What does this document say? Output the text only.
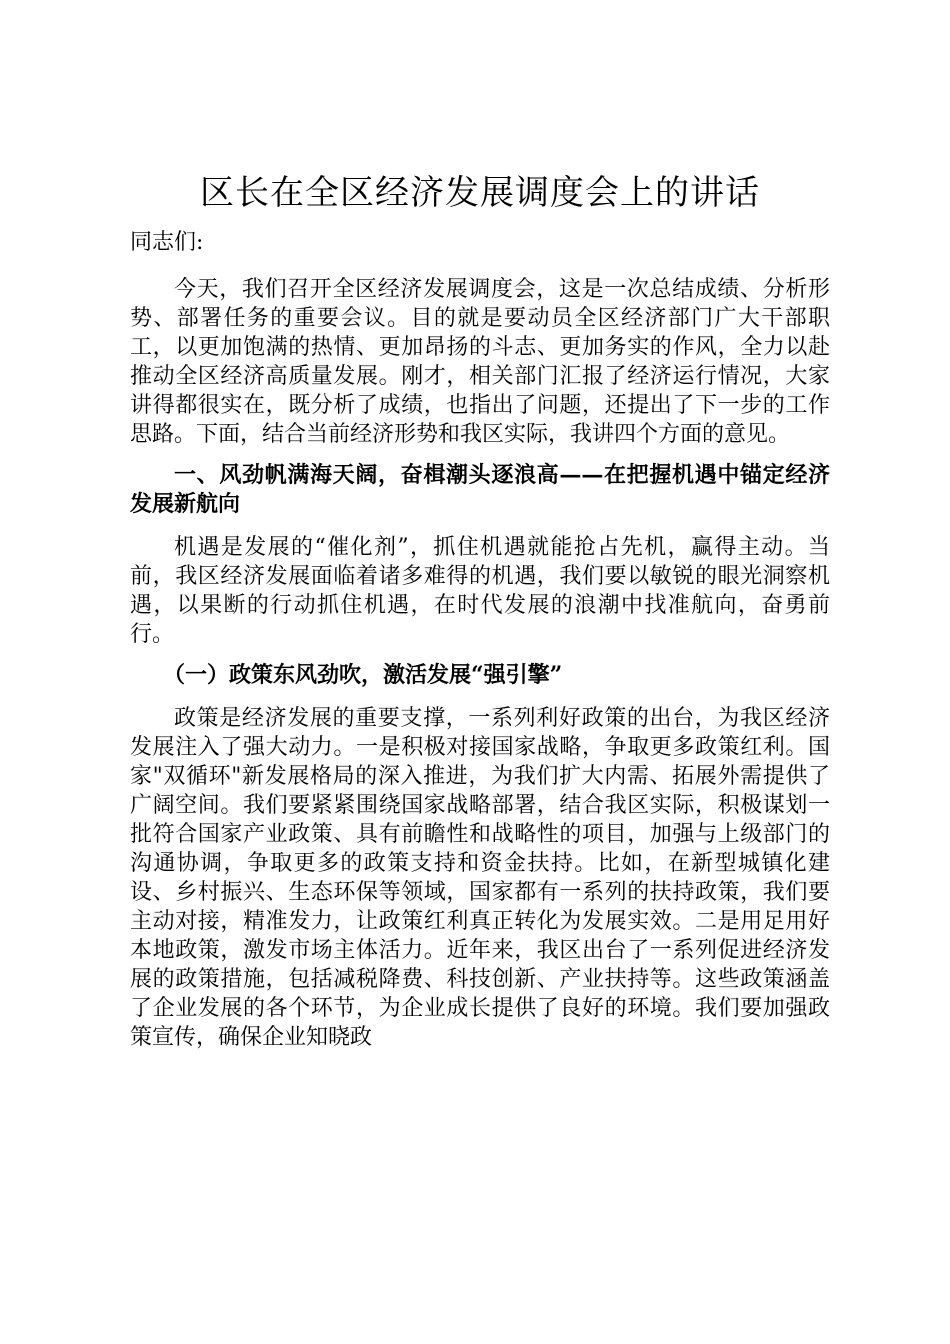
区长在全区经济发展调度会上的讲话

同志们:

今天，我们召开全区经济发展调度会，这是一次总结成绩、分析形势、部署任务的重要会议。目的就是要动员全区经济部门广大干部职工，以更加饱满的热情、更加昂扬的斗志、更加务实的作风，全力以赴推动全区经济高质量发展。刚才，相关部门汇报了经济运行情况，大家讲得都很实在，既分析了成绩，也指出了问题，还提出了下一步的工作思路。下面，结合当前经济形势和我区实际，我讲四个方面的意见。

一、风劲帆满海天阔，奋楫潮头逐浪高——在把握机遇中锚定经济发展新航向

机遇是发展的“催化剂”，抓住机遇就能抢占先机，赢得主动。当前，我区经济发展面临着诸多难得的机遇，我们要以敏锐的眼光洞察机遇，以果断的行动抓住机遇，在时代发展的浪潮中找准航向，奋勇前行。

（一）政策东风劲吹，激活发展“强引擎”

政策是经济发展的重要支撑，一系列利好政策的出台，为我区经济发展注入了强大动力。一是积极对接国家战略，争取更多政策红利。国家"双循环"新发展格局的深入推进，为我们扩大内需、拓展外需提供了广阔空间。我们要紧紧围绕国家战略部署，结合我区实际，积极谋划一批符合国家产业政策、具有前瞻性和战略性的项目，加强与上级部门的沟通协调，争取更多的政策支持和资金扶持。比如，在新型城镇化建设、乡村振兴、生态环保等领域，国家都有一系列的扶持政策，我们要主动对接，精准发力，让政策红利真正转化为发展实效。二是用足用好本地政策，激发市场主体活力。近年来，我区出台了一系列促进经济发展的政策措施，包括减税降费、科技创新、产业扶持等。这些政策涵盖了企业发展的各个环节，为企业成长提供了良好的环境。我们要加强政策宣传，确保企业知晓政
